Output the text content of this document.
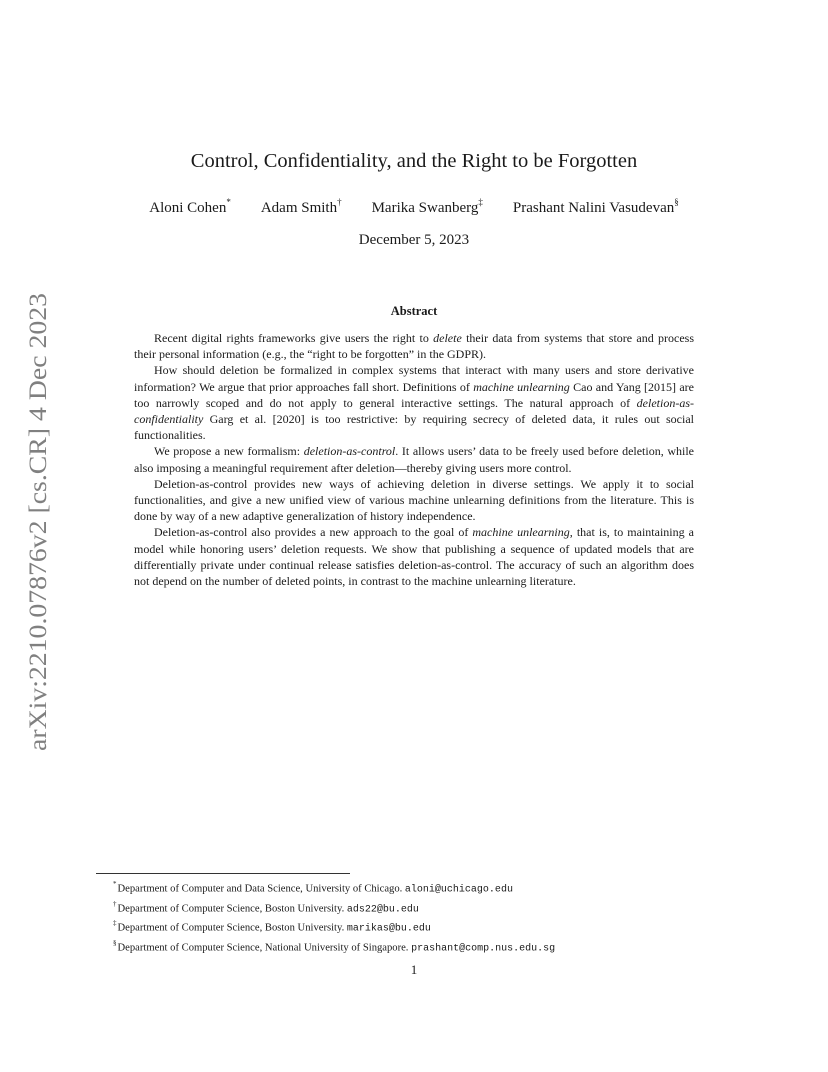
arXiv:2210.07876v2 [cs.CR] 4 Dec 2023
Control, Confidentiality, and the Right to be Forgotten
Aloni Cohen* Adam Smith† Marika Swanberg‡ Prashant Nalini Vasudevan§
December 5, 2023
Abstract

Recent digital rights frameworks give users the right to delete their data from systems that store and process their personal information (e.g., the “right to be forgotten” in the GDPR).

How should deletion be formalized in complex systems that interact with many users and store derivative information? We argue that prior approaches fall short. Definitions of machine unlearning Cao and Yang [2015] are too narrowly scoped and do not apply to general interactive settings. The natural approach of deletion-as-confidentiality Garg et al. [2020] is too restrictive: by requiring secrecy of deleted data, it rules out social functionalities.

We propose a new formalism: deletion-as-control. It allows users’ data to be freely used before deletion, while also imposing a meaningful requirement after deletion—thereby giving users more control.

Deletion-as-control provides new ways of achieving deletion in diverse settings. We apply it to social functionalities, and give a new unified view of various machine unlearning definitions from the literature. This is done by way of a new adaptive generalization of history independence.

Deletion-as-control also provides a new approach to the goal of machine unlearning, that is, to maintaining a model while honoring users’ deletion requests. We show that publishing a sequence of updated models that are differentially private under continual release satisfies deletion-as-control. The accuracy of such an algorithm does not depend on the number of deleted points, in contrast to the machine unlearning literature.

*Department of Computer and Data Science, University of Chicago. aloni@uchicago.edu
†Department of Computer Science, Boston University. ads22@bu.edu
‡Department of Computer Science, Boston University. marikas@bu.edu
§Department of Computer Science, National University of Singapore. prashant@comp.nus.edu.sg
1
